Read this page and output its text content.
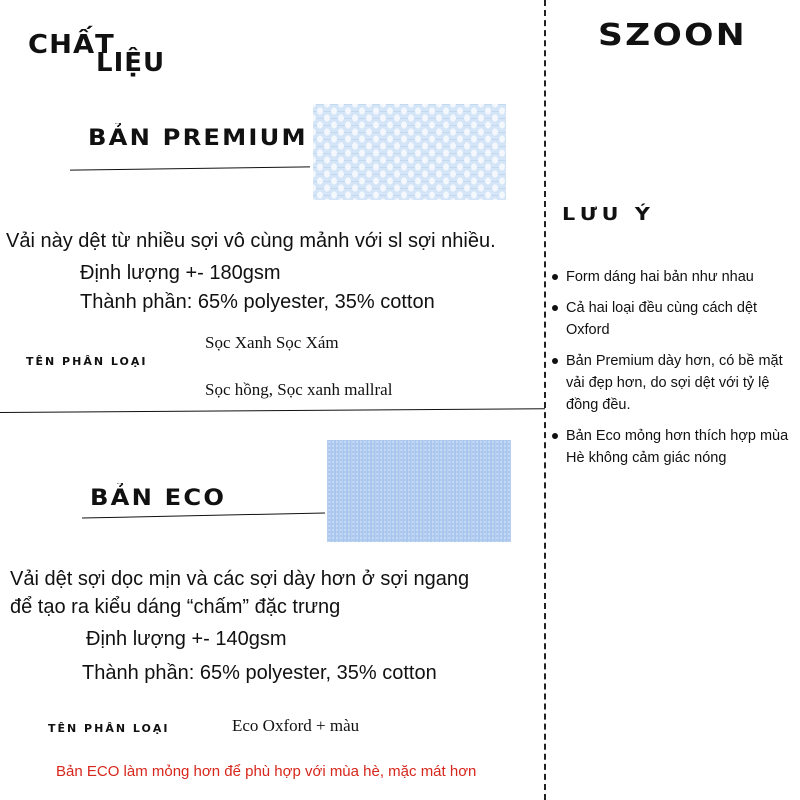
SZOON
CHẤT
LIỆU
BẢN PREMIUM
Vải này dệt từ nhiều sợi vô cùng mảnh với sl sợi nhiều.
Định lượng +- 180gsm
Thành phần: 65% polyester, 35% cotton
TÊN PHÂN LOẠI
Sọc Xanh Sọc Xám
Sọc hồng, Sọc xanh mallral
BẢN ECO
Vải dệt sợi dọc mịn và các sợi dày hơn ở sợi ngang
để tạo ra kiểu dáng “chấm” đặc trưng
Định lượng +- 140gsm
Thành phần: 65% polyester, 35% cotton
TÊN PHÂN LOẠI	Eco Oxford + màu
Bản ECO làm mỏng hơn để phù hợp với mùa hè, mặc mát hơn
LƯU Ý
Form dáng hai bản như nhau
Cả hai loại đều cùng cách dệt Oxford
Bản Premium dày hơn, có bề mặt vải đẹp hơn, do sợi dệt với tỷ lệ đồng đều.
Bản Eco mỏng hơn thích hợp mùa Hè không cảm giác nóng
